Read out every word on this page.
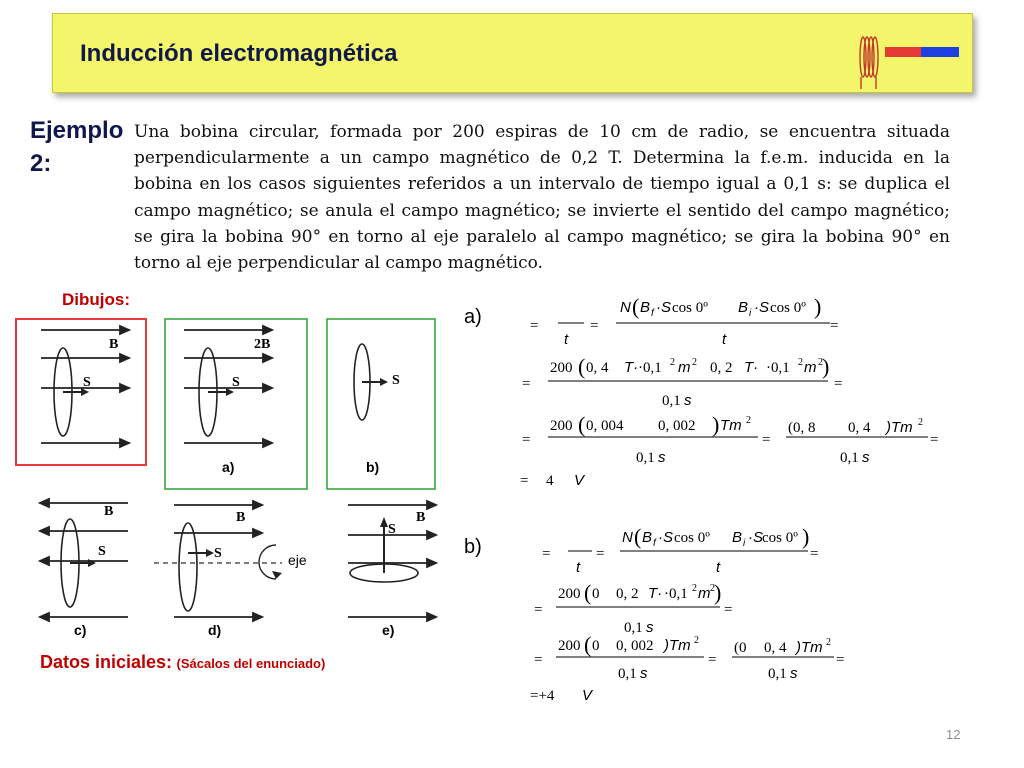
Inducción electromagnética
Ejemplo 2:
Una bobina circular, formada por 200 espiras de 10 cm de radio, se encuentra situada perpendicularmente a un campo magnético de 0,2 T. Determina la f.e.m. inducida en la bobina en los casos siguientes referidos a un intervalo de tiempo igual a 0,1 s: se duplica el campo magnético; se anula el campo magnético; se invierte el sentido del campo magnético; se gira la bobina 90° en torno al eje paralelo al campo magnético; se gira la bobina 90° en torno al eje perpendicular al campo magnético.
Dibujos:
B
S
2B
S
a)
S
b)
B
S
c)
B
S	eje
d)
S
B
e)
Datos iniciales: (Sácalos del enunciado)
a)	=
t
=
N ( B f ·S cos 0º B i ·S cos 0º )
t
=
=
200 ( 0, 4 T· ·0,1 2 m 2 0, 2 T· ·0,1 2 m 2 )
0,1 s
=
=
200 ( 0, 004 0, 002 ) Tm 2
0,1 s
=
(0, 8 0, 4 )Tm 2
0,1 s
=
= 4 V
b)	=
t
=
N ( B f ·S cos 0º B i ·S cos 0º )
t
=
=
200 ( 0 0, 2 T· ·0,1 2 m 2 )
0,1 s
=
=
200 ( 0 0, 002 )Tm 2
0,1 s
=
(0 0, 4 )Tm 2
0,1 s
=
=+4 V
12
